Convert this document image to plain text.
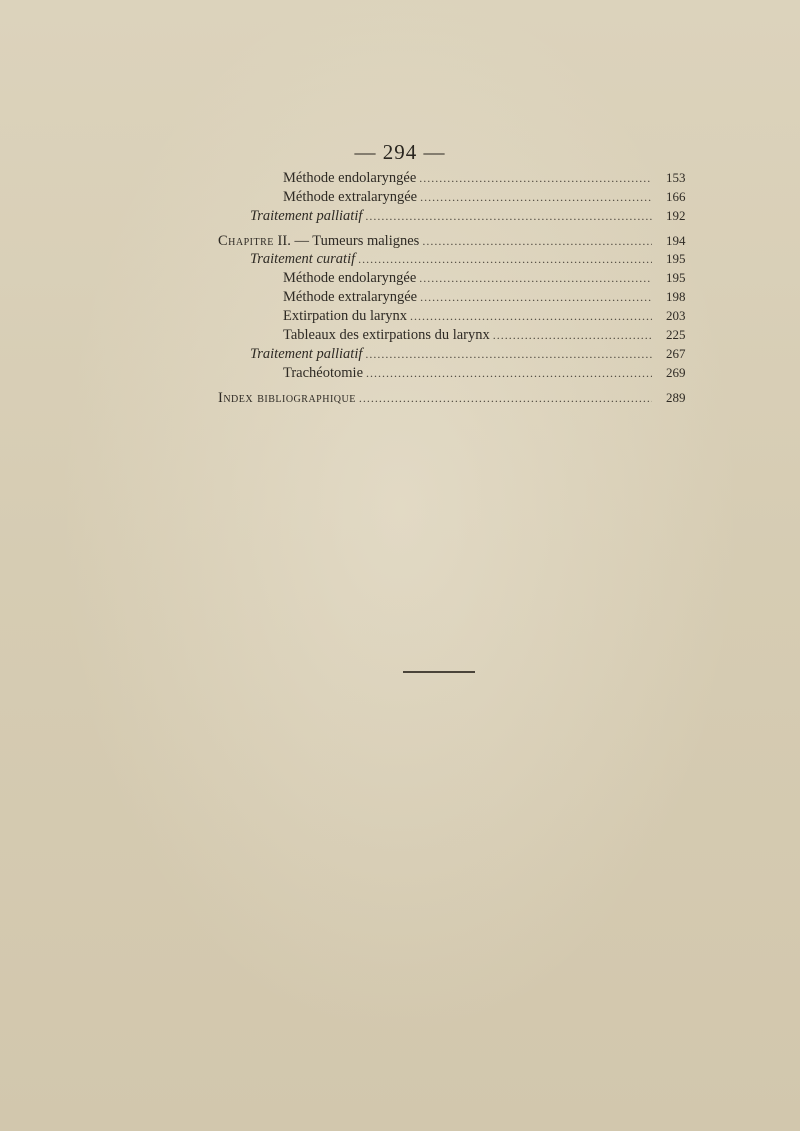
— 294 —
Méthode endolaryngée .....	153
Méthode extralaryngée .....	166
Traitement palliatif .....	192
Chapitre II. — Tumeurs malignes .....	194
Traitement curatif .....	195
Méthode endolaryngée .....	195
Méthode extralaryngée .....	198
Extirpation du larynx .....	203
Tableaux des extirpations du larynx .....	225
Traitement palliatif .....	267
Trachéotomie .....	269
Index bibliographique .....	289
